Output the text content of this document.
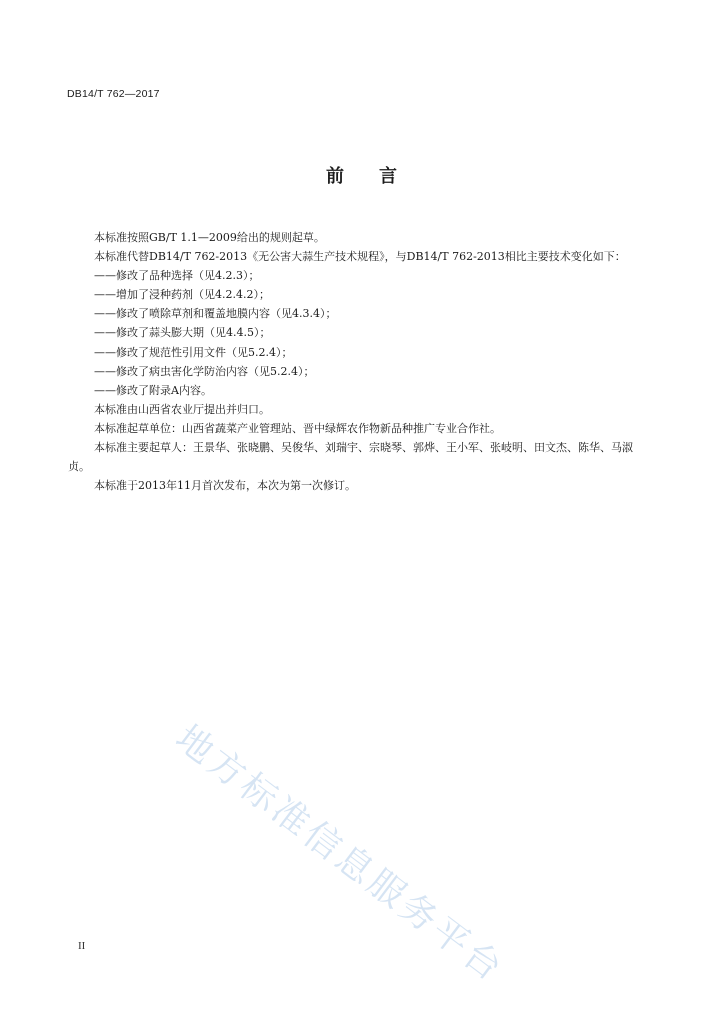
DB14/T 762—2017
前 言

本标准按照GB/T 1.1—2009给出的规则起草。

本标准代替DB14/T 762-2013《无公害大蒜生产技术规程》，与DB14/T 762-2013相比主要技术变化如下：

——修改了品种选择（见4.2.3）；

——增加了浸种药剂（见4.2.4.2）；

——修改了喷除草剂和覆盖地膜内容（见4.3.4）；

——修改了蒜头膨大期（见4.4.5）；

——修改了规范性引用文件（见5.2.4）；

——修改了病虫害化学防治内容（见5.2.4）；

——修改了附录A内容。

本标准由山西省农业厅提出并归口。

本标准起草单位：山西省蔬菜产业管理站、晋中绿辉农作物新品种推广专业合作社。

本标准主要起草人：王景华、张晓鹏、吴俊华、刘瑞宇、宗晓琴、郭烨、王小军、张岐明、田文杰、陈华、马淑贞。

本标准于2013年11月首次发布，本次为第一次修订。

地方标准信息服务平台
II
